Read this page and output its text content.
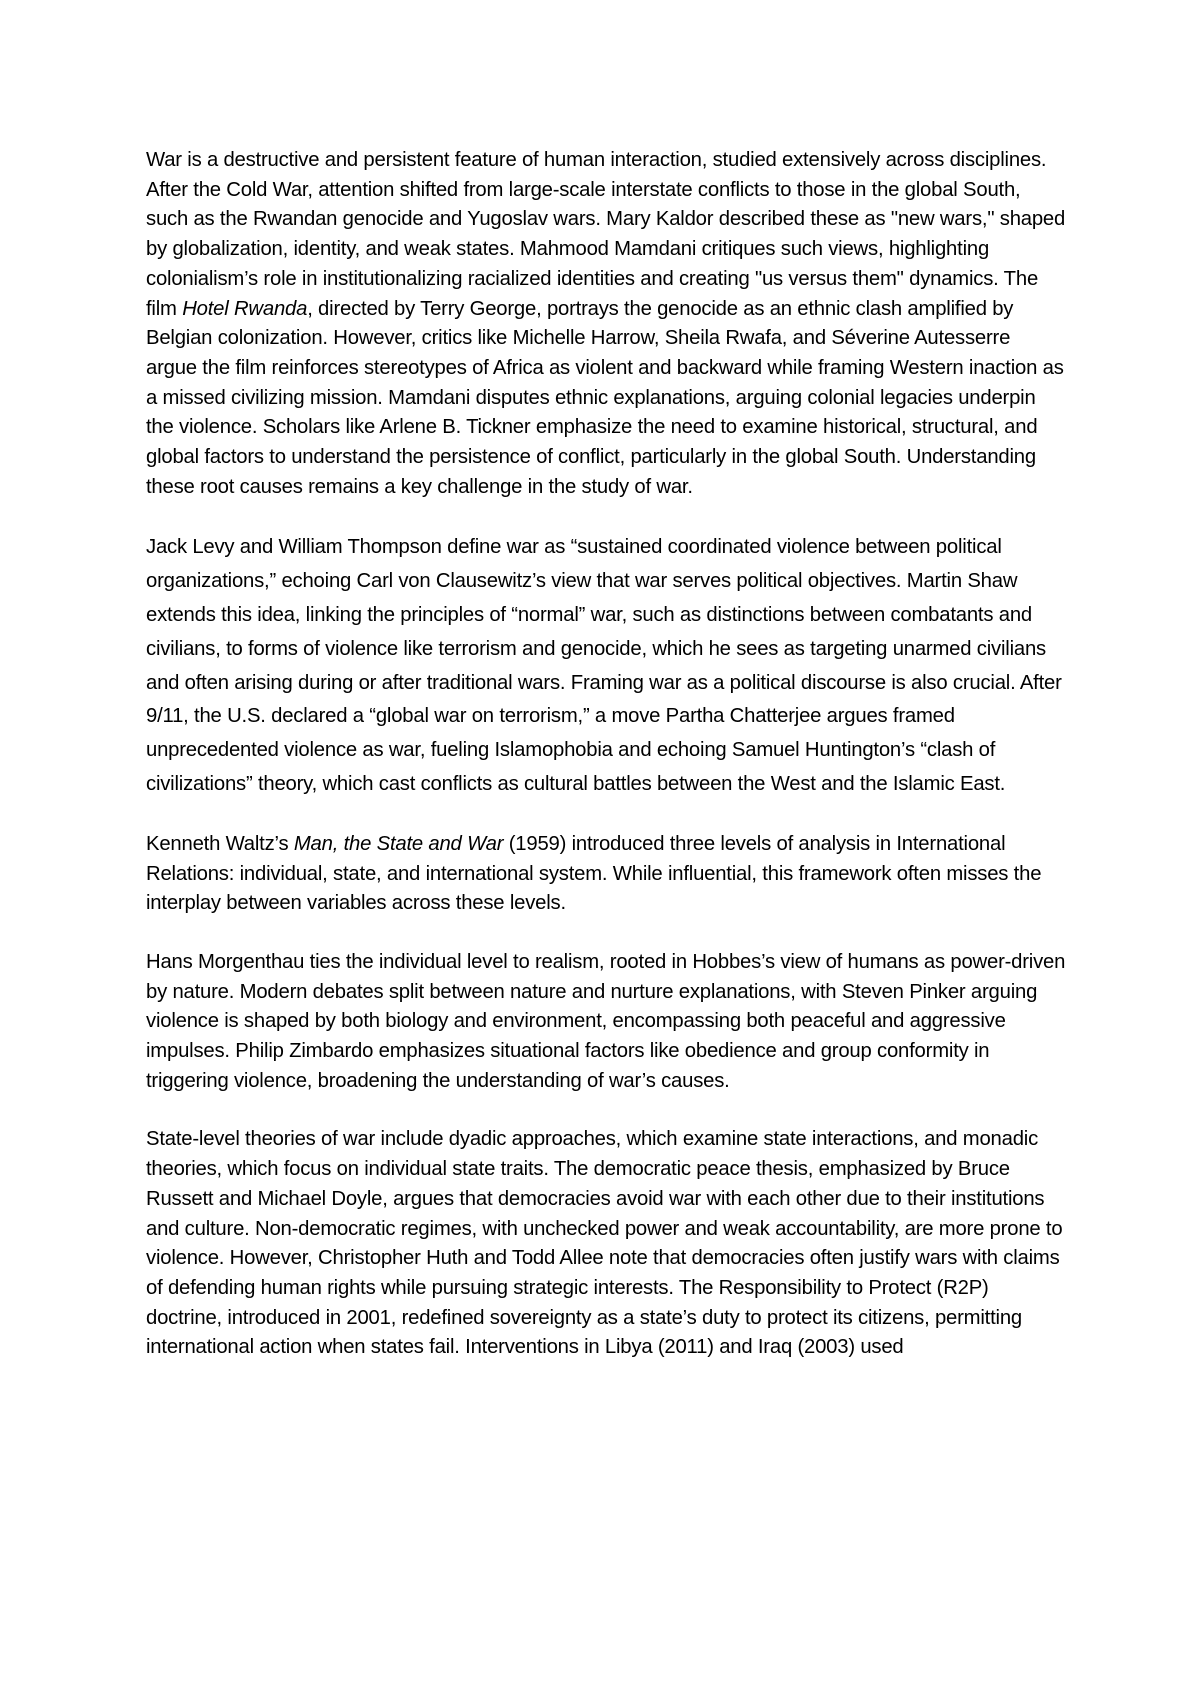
War is a destructive and persistent feature of human interaction, studied extensively across disciplines. After the Cold War, attention shifted from large-scale interstate conflicts to those in the global South, such as the Rwandan genocide and Yugoslav wars. Mary Kaldor described these as "new wars," shaped by globalization, identity, and weak states. Mahmood Mamdani critiques such views, highlighting colonialism’s role in institutionalizing racialized identities and creating "us versus them" dynamics. The film Hotel Rwanda, directed by Terry George, portrays the genocide as an ethnic clash amplified by Belgian colonization. However, critics like Michelle Harrow, Sheila Rwafa, and Séverine Autesserre argue the film reinforces stereotypes of Africa as violent and backward while framing Western inaction as a missed civilizing mission. Mamdani disputes ethnic explanations, arguing colonial legacies underpin the violence. Scholars like Arlene B. Tickner emphasize the need to examine historical, structural, and global factors to understand the persistence of conflict, particularly in the global South. Understanding these root causes remains a key challenge in the study of war.

Jack Levy and William Thompson define war as “sustained coordinated violence between political organizations,” echoing Carl von Clausewitz’s view that war serves political objectives. Martin Shaw extends this idea, linking the principles of “normal” war, such as distinctions between combatants and civilians, to forms of violence like terrorism and genocide, which he sees as targeting unarmed civilians and often arising during or after traditional wars. Framing war as a political discourse is also crucial. After 9/11, the U.S. declared a “global war on terrorism,” a move Partha Chatterjee argues framed unprecedented violence as war, fueling Islamophobia and echoing Samuel Huntington’s “clash of civilizations” theory, which cast conflicts as cultural battles between the West and the Islamic East.

Kenneth Waltz’s Man, the State and War (1959) introduced three levels of analysis in International Relations: individual, state, and international system. While influential, this framework often misses the interplay between variables across these levels.

Hans Morgenthau ties the individual level to realism, rooted in Hobbes’s view of humans as power-driven by nature. Modern debates split between nature and nurture explanations, with Steven Pinker arguing violence is shaped by both biology and environment, encompassing both peaceful and aggressive impulses. Philip Zimbardo emphasizes situational factors like obedience and group conformity in triggering violence, broadening the understanding of war’s causes.

State-level theories of war include dyadic approaches, which examine state interactions, and monadic theories, which focus on individual state traits. The democratic peace thesis, emphasized by Bruce Russett and Michael Doyle, argues that democracies avoid war with each other due to their institutions and culture. Non-democratic regimes, with unchecked power and weak accountability, are more prone to violence. However, Christopher Huth and Todd Allee note that democracies often justify wars with claims of defending human rights while pursuing strategic interests. The Responsibility to Protect (R2P) doctrine, introduced in 2001, redefined sovereignty as a state’s duty to protect its citizens, permitting international action when states fail. Interventions in Libya (2011) and Iraq (2003) used
